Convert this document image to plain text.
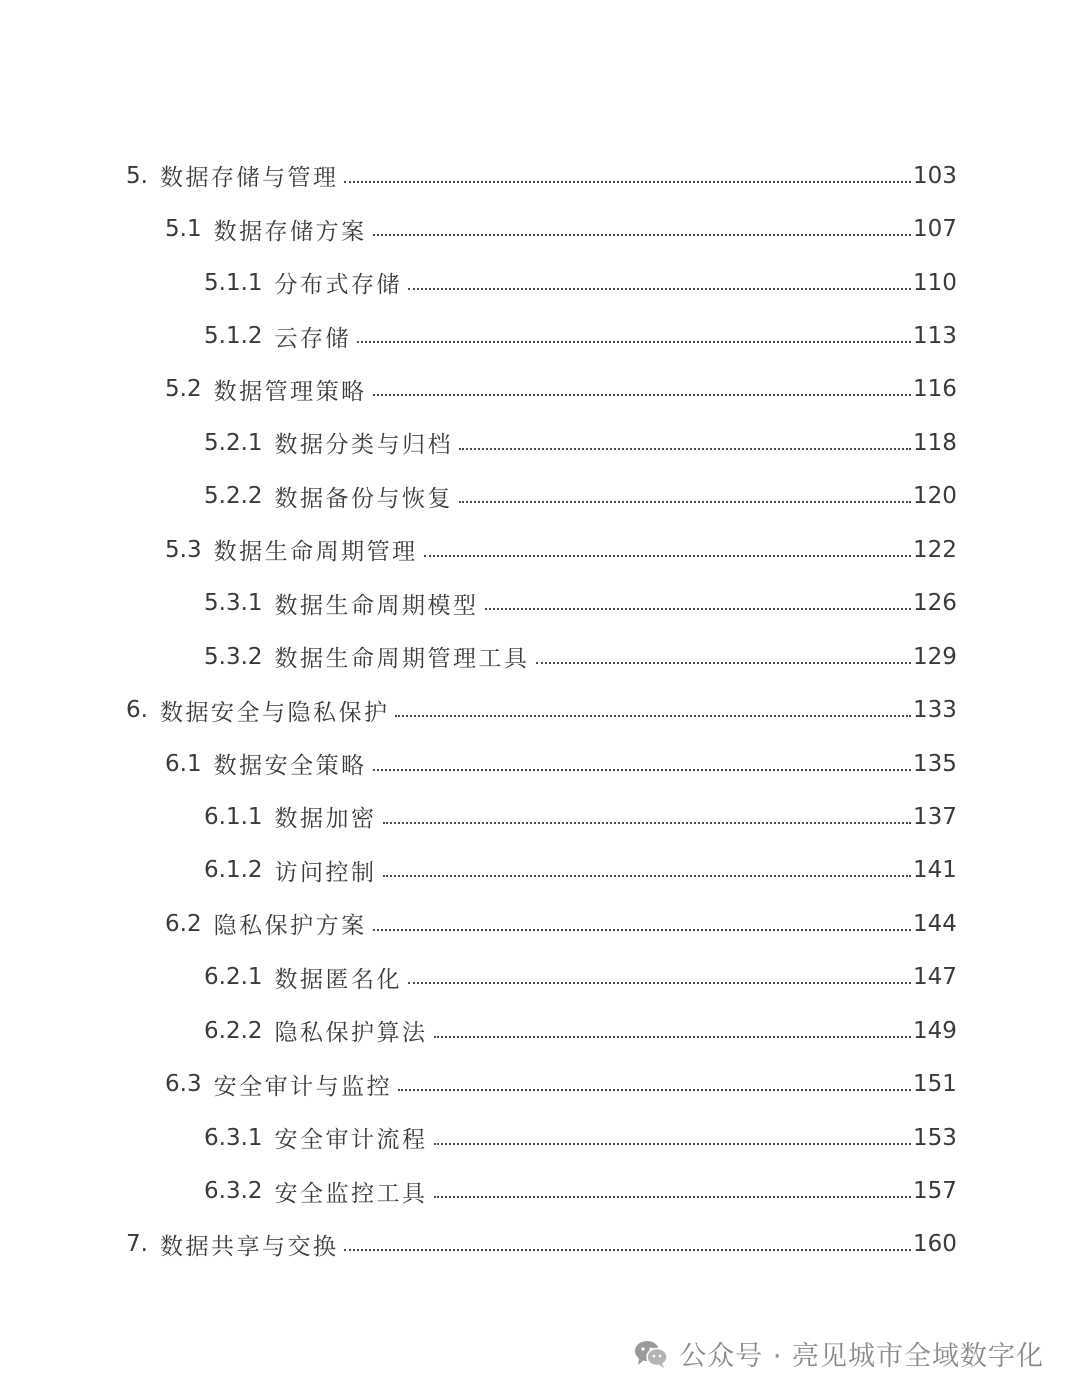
5. 数据存储与管理	103
5.1 数据存储方案	107
5.1.1 分布式存储	110
5.1.2 云存储	113
5.2 数据管理策略	116
5.2.1 数据分类与归档	118
5.2.2 数据备份与恢复	120
5.3 数据生命周期管理	122
5.3.1 数据生命周期模型	126
5.3.2 数据生命周期管理工具	129
6. 数据安全与隐私保护	133
6.1 数据安全策略	135
6.1.1 数据加密	137
6.1.2 访问控制	141
6.2 隐私保护方案	144
6.2.1 数据匿名化	147
6.2.2 隐私保护算法	149
6.3 安全审计与监控	151
6.3.1 安全审计流程	153
6.3.2 安全监控工具	157
7. 数据共享与交换	160
公众号 · 亮见城市全域数字化
